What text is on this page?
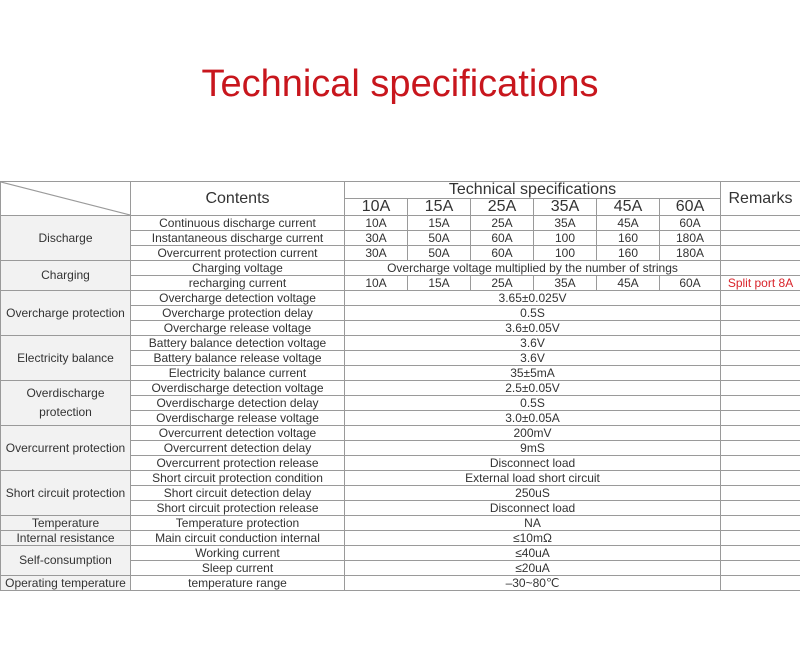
Technical specifications
	Contents	Technical specifications						Remarks
		10A	15A	25A	35A	45A	60A	
Discharge	Continuous discharge current	10A	15A	25A	35A	45A	60A	
	Instantaneous discharge current	30A	50A	60A	100	160	180A	
	Overcurrent protection current	30A	50A	60A	100	160	180A	
Charging	Charging voltage	Overcharge voltage multiplied by the number of strings						
	recharging current	10A	15A	25A	35A	45A	60A	Split port 8A
Overcharge protection	Overcharge detection voltage	3.65±0.025V						
	Overcharge protection delay	0.5S						
	Overcharge release voltage	3.6±0.05V						
Electricity balance	Battery balance detection voltage	3.6V						
	Battery balance release voltage	3.6V						
	Electricity balance current	35±5mA						
Overdischarge protection	Overdischarge detection voltage	2.5±0.05V						
	Overdischarge detection delay	0.5S						
	Overdischarge release voltage	3.0±0.05A						
Overcurrent protection	Overcurrent detection voltage	200mV						
	Overcurrent detection delay	9mS						
	Overcurrent protection release	Disconnect load						
Short circuit protection	Short circuit protection condition	External load short circuit						
	Short circuit detection delay	250uS						
	Short circuit protection release	Disconnect load						
Temperature	Temperature protection	NA						
Internal resistance	Main circuit conduction internal	≤10mΩ						
Self-consumption	Working current	≤40uA						
	Sleep current	≤20uA						
Operating temperature	temperature range	–30~80℃						
